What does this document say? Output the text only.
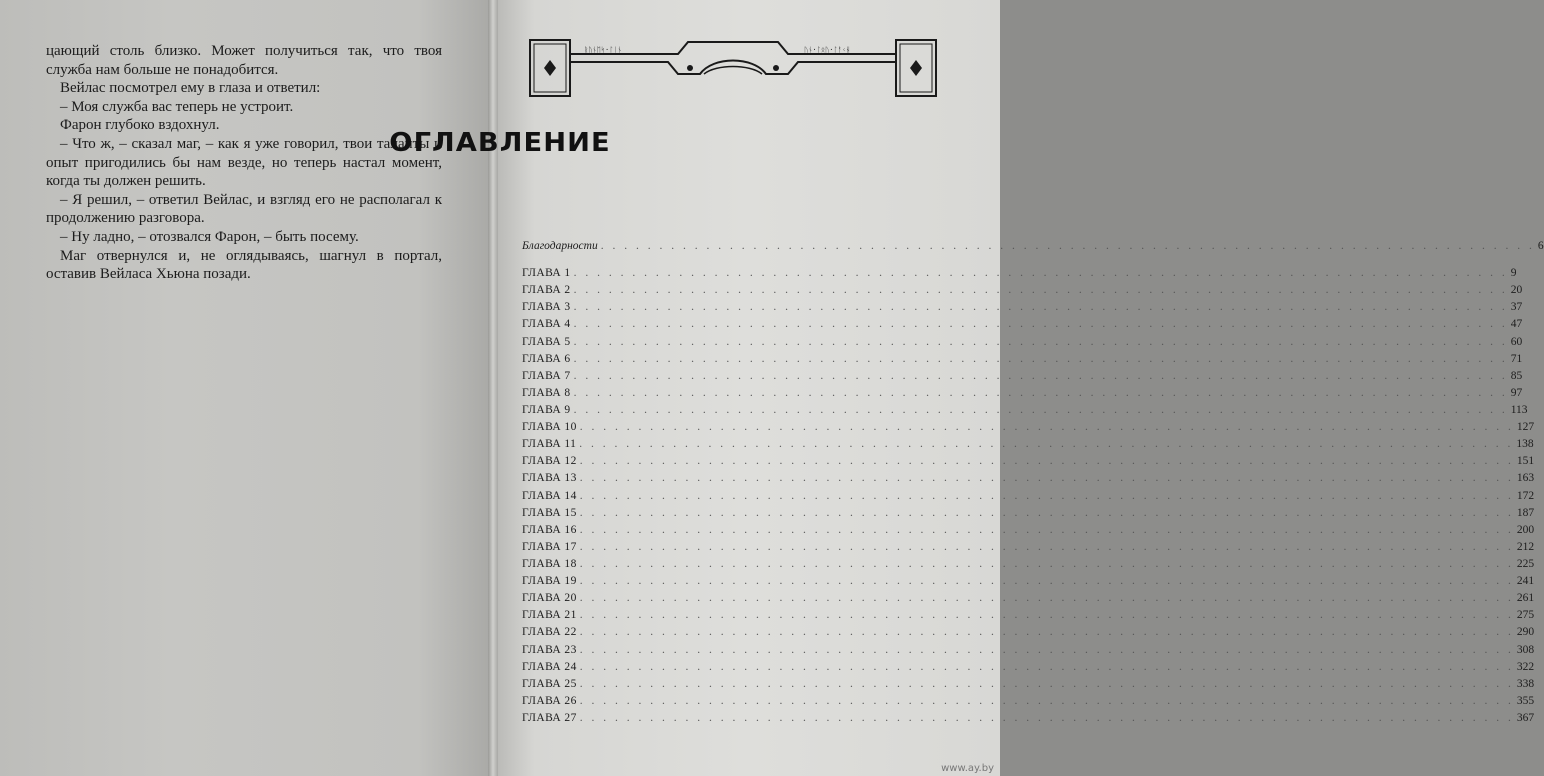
цающий столь близко. Может получиться так, что твоя служба нам больше не понадобится.

Вейлас посмотрел ему в глаза и ответил:

– Моя служба вас теперь не устроит.

Фарон глубоко вздохнул.

– Что ж, – сказал маг, – как я уже говорил, твои таланты и опыт пригодились бы нам везде, но теперь настал момент, когда ты должен решить.

– Я решил, – ответил Вейлас, и взгляд его не располагал к продолжению разговора.

– Ну ладно, – отозвался Фарон, – быть посему.

Маг отвернулся и, не оглядываясь, шагнул в портал, оставив Вейласа Хьюна позади.

ᚱᚢᚾᛖᛋ·ᛚᛁᚾ	ᚢᚾ·ᛚᛟᚢ·ᛚᚨᚲᚺ
ОГЛАВЛЕНИЕ
Благодарности . . . . . . . . . . . . . . . . . . . . . . . . . . . . . . . . . . . . . . . . . . . . . . . . . . . . . . . . . . . . . . . . . . . . . . . . . . . . . . . . 6
ГЛАВА 1 . . . . . . . . . . . . . . . . . . . . . . . . . . . . . . . . . . . . . . . . . . . . . . . . . . . . . . . . . . . . . . . . . . . . . . . . . . . . . . . . 9
ГЛАВА 2 . . . . . . . . . . . . . . . . . . . . . . . . . . . . . . . . . . . . . . . . . . . . . . . . . . . . . . . . . . . . . . . . . . . . . . . . . . . . . . . . 20
ГЛАВА 3 . . . . . . . . . . . . . . . . . . . . . . . . . . . . . . . . . . . . . . . . . . . . . . . . . . . . . . . . . . . . . . . . . . . . . . . . . . . . . . . . 37
ГЛАВА 4 . . . . . . . . . . . . . . . . . . . . . . . . . . . . . . . . . . . . . . . . . . . . . . . . . . . . . . . . . . . . . . . . . . . . . . . . . . . . . . . . 47
ГЛАВА 5 . . . . . . . . . . . . . . . . . . . . . . . . . . . . . . . . . . . . . . . . . . . . . . . . . . . . . . . . . . . . . . . . . . . . . . . . . . . . . . . . 60
ГЛАВА 6 . . . . . . . . . . . . . . . . . . . . . . . . . . . . . . . . . . . . . . . . . . . . . . . . . . . . . . . . . . . . . . . . . . . . . . . . . . . . . . . . 71
ГЛАВА 7 . . . . . . . . . . . . . . . . . . . . . . . . . . . . . . . . . . . . . . . . . . . . . . . . . . . . . . . . . . . . . . . . . . . . . . . . . . . . . . . . 85
ГЛАВА 8 . . . . . . . . . . . . . . . . . . . . . . . . . . . . . . . . . . . . . . . . . . . . . . . . . . . . . . . . . . . . . . . . . . . . . . . . . . . . . . . . 97
ГЛАВА 9 . . . . . . . . . . . . . . . . . . . . . . . . . . . . . . . . . . . . . . . . . . . . . . . . . . . . . . . . . . . . . . . . . . . . . . . . . . . . . . . . 113
ГЛАВА 10 . . . . . . . . . . . . . . . . . . . . . . . . . . . . . . . . . . . . . . . . . . . . . . . . . . . . . . . . . . . . . . . . . . . . . . . . . . . . . . . . 127
ГЛАВА 11 . . . . . . . . . . . . . . . . . . . . . . . . . . . . . . . . . . . . . . . . . . . . . . . . . . . . . . . . . . . . . . . . . . . . . . . . . . . . . . . . 138
ГЛАВА 12 . . . . . . . . . . . . . . . . . . . . . . . . . . . . . . . . . . . . . . . . . . . . . . . . . . . . . . . . . . . . . . . . . . . . . . . . . . . . . . . . 151
ГЛАВА 13 . . . . . . . . . . . . . . . . . . . . . . . . . . . . . . . . . . . . . . . . . . . . . . . . . . . . . . . . . . . . . . . . . . . . . . . . . . . . . . . . 163
ГЛАВА 14 . . . . . . . . . . . . . . . . . . . . . . . . . . . . . . . . . . . . . . . . . . . . . . . . . . . . . . . . . . . . . . . . . . . . . . . . . . . . . . . . 172
ГЛАВА 15 . . . . . . . . . . . . . . . . . . . . . . . . . . . . . . . . . . . . . . . . . . . . . . . . . . . . . . . . . . . . . . . . . . . . . . . . . . . . . . . . 187
ГЛАВА 16 . . . . . . . . . . . . . . . . . . . . . . . . . . . . . . . . . . . . . . . . . . . . . . . . . . . . . . . . . . . . . . . . . . . . . . . . . . . . . . . . 200
ГЛАВА 17 . . . . . . . . . . . . . . . . . . . . . . . . . . . . . . . . . . . . . . . . . . . . . . . . . . . . . . . . . . . . . . . . . . . . . . . . . . . . . . . . 212
ГЛАВА 18 . . . . . . . . . . . . . . . . . . . . . . . . . . . . . . . . . . . . . . . . . . . . . . . . . . . . . . . . . . . . . . . . . . . . . . . . . . . . . . . . 225
ГЛАВА 19 . . . . . . . . . . . . . . . . . . . . . . . . . . . . . . . . . . . . . . . . . . . . . . . . . . . . . . . . . . . . . . . . . . . . . . . . . . . . . . . . 241
ГЛАВА 20 . . . . . . . . . . . . . . . . . . . . . . . . . . . . . . . . . . . . . . . . . . . . . . . . . . . . . . . . . . . . . . . . . . . . . . . . . . . . . . . . 261
ГЛАВА 21 . . . . . . . . . . . . . . . . . . . . . . . . . . . . . . . . . . . . . . . . . . . . . . . . . . . . . . . . . . . . . . . . . . . . . . . . . . . . . . . . 275
ГЛАВА 22 . . . . . . . . . . . . . . . . . . . . . . . . . . . . . . . . . . . . . . . . . . . . . . . . . . . . . . . . . . . . . . . . . . . . . . . . . . . . . . . . 290
ГЛАВА 23 . . . . . . . . . . . . . . . . . . . . . . . . . . . . . . . . . . . . . . . . . . . . . . . . . . . . . . . . . . . . . . . . . . . . . . . . . . . . . . . . 308
ГЛАВА 24 . . . . . . . . . . . . . . . . . . . . . . . . . . . . . . . . . . . . . . . . . . . . . . . . . . . . . . . . . . . . . . . . . . . . . . . . . . . . . . . . 322
ГЛАВА 25 . . . . . . . . . . . . . . . . . . . . . . . . . . . . . . . . . . . . . . . . . . . . . . . . . . . . . . . . . . . . . . . . . . . . . . . . . . . . . . . . 338
ГЛАВА 26 . . . . . . . . . . . . . . . . . . . . . . . . . . . . . . . . . . . . . . . . . . . . . . . . . . . . . . . . . . . . . . . . . . . . . . . . . . . . . . . . 355
ГЛАВА 27 . . . . . . . . . . . . . . . . . . . . . . . . . . . . . . . . . . . . . . . . . . . . . . . . . . . . . . . . . . . . . . . . . . . . . . . . . . . . . . . . 367
www.ay.by
